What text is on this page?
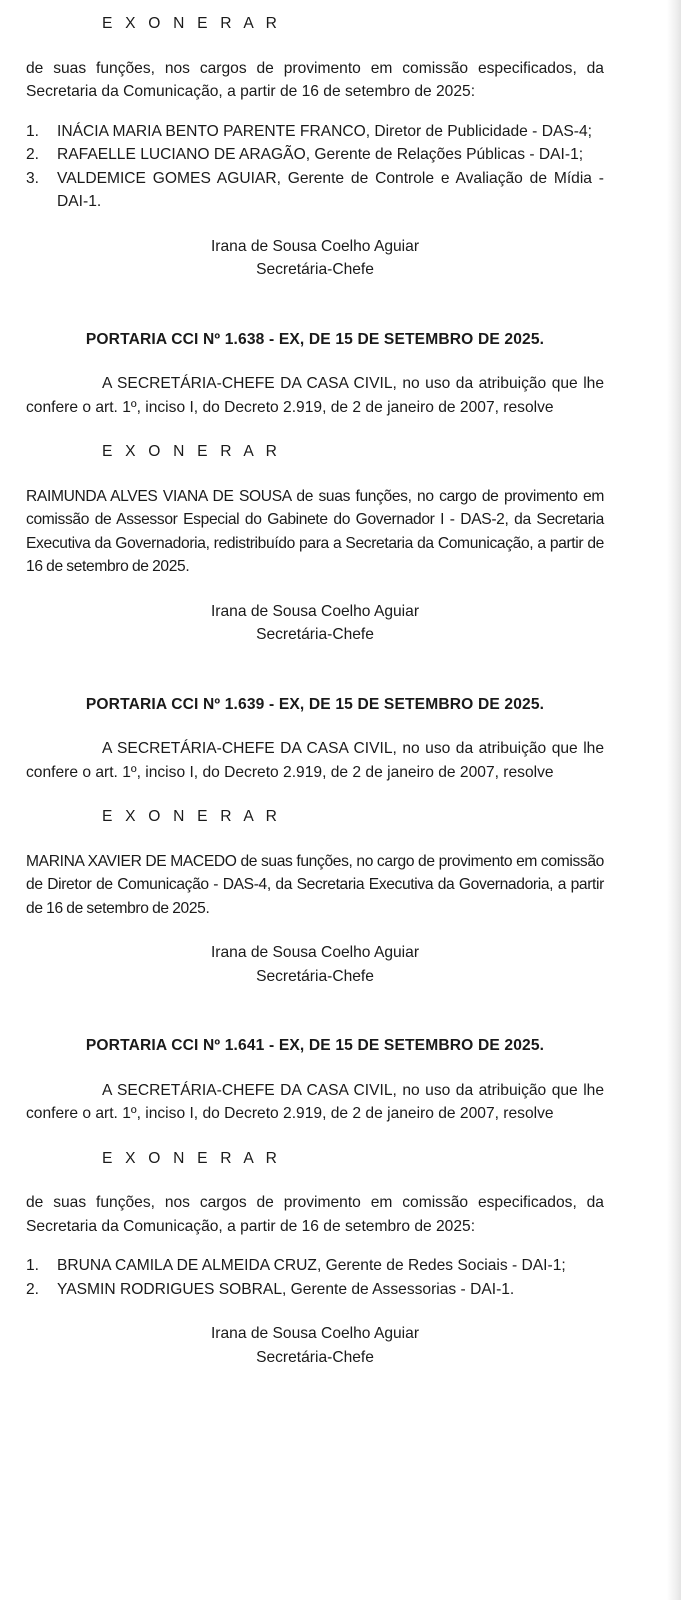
E X O N E R A R

de suas funções, nos cargos de provimento em comissão especificados, da Secretaria da Comunicação, a partir de 16 de setembro de 2025:

1. INÁCIA MARIA BENTO PARENTE FRANCO, Diretor de Publicidade - DAS-4;
2. RAFAELLE LUCIANO DE ARAGÃO, Gerente de Relações Públicas - DAI-1;
3. VALDEMICE GOMES AGUIAR, Gerente de Controle e Avaliação de Mídia - DAI-1.

Irana de Sousa Coelho Aguiar

Secretária-Chefe

PORTARIA CCI Nº 1.638 - EX, DE 15 DE SETEMBRO DE 2025.

A SECRETÁRIA-CHEFE DA CASA CIVIL, no uso da atribuição que lhe confere o art. 1º, inciso I, do Decreto 2.919, de 2 de janeiro de 2007, resolve

E X O N E R A R

RAIMUNDA ALVES VIANA DE SOUSA de suas funções, no cargo de provimento em comissão de Assessor Especial do Gabinete do Governador I - DAS-2, da Secretaria Executiva da Governadoria, redistribuído para a Secretaria da Comunicação, a partir de 16 de setembro de 2025.

Irana de Sousa Coelho Aguiar

Secretária-Chefe

PORTARIA CCI Nº 1.639 - EX, DE 15 DE SETEMBRO DE 2025.

A SECRETÁRIA-CHEFE DA CASA CIVIL, no uso da atribuição que lhe confere o art. 1º, inciso I, do Decreto 2.919, de 2 de janeiro de 2007, resolve

E X O N E R A R

MARINA XAVIER DE MACEDO de suas funções, no cargo de provimento em comissão de Diretor de Comunicação - DAS-4, da Secretaria Executiva da Governadoria, a partir de 16 de setembro de 2025.

Irana de Sousa Coelho Aguiar

Secretária-Chefe

PORTARIA CCI Nº 1.641 - EX, DE 15 DE SETEMBRO DE 2025.

A SECRETÁRIA-CHEFE DA CASA CIVIL, no uso da atribuição que lhe confere o art. 1º, inciso I, do Decreto 2.919, de 2 de janeiro de 2007, resolve

E X O N E R A R

de suas funções, nos cargos de provimento em comissão especificados, da Secretaria da Comunicação, a partir de 16 de setembro de 2025:

1. BRUNA CAMILA DE ALMEIDA CRUZ, Gerente de Redes Sociais - DAI-1;
2. YASMIN RODRIGUES SOBRAL, Gerente de Assessorias - DAI-1.

Irana de Sousa Coelho Aguiar

Secretária-Chefe
